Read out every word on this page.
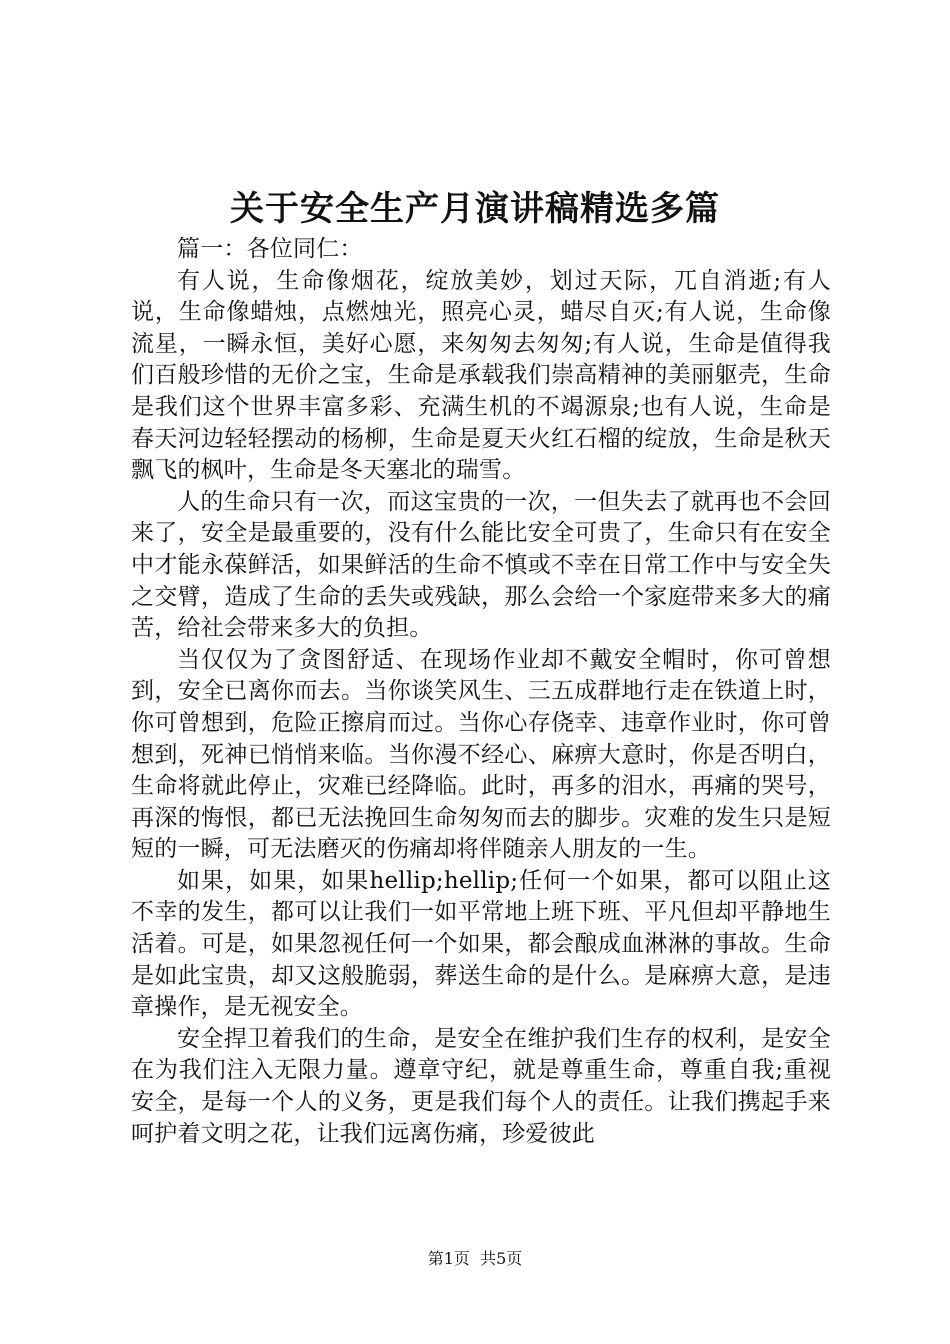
关于安全生产月演讲稿精选多篇

篇一：各位同仁：

有人说，生命像烟花，绽放美妙，划过天际，兀自消逝;有人说，生命像蜡烛，点燃烛光，照亮心灵，蜡尽自灭;有人说，生命像流星，一瞬永恒，美好心愿，来匆匆去匆匆;有人说，生命是值得我们百般珍惜的无价之宝，生命是承载我们崇高精神的美丽躯壳，生命是我们这个世界丰富多彩、充满生机的不竭源泉;也有人说，生命是春天河边轻轻摆动的杨柳，生命是夏天火红石榴的绽放，生命是秋天飘飞的枫叶，生命是冬天塞北的瑞雪。

人的生命只有一次，而这宝贵的一次，一但失去了就再也不会回来了，安全是最重要的，没有什么能比安全可贵了，生命只有在安全中才能永葆鲜活，如果鲜活的生命不慎或不幸在日常工作中与安全失之交臂，造成了生命的丢失或残缺，那么会给一个家庭带来多大的痛苦，给社会带来多大的负担。

当仅仅为了贪图舒适、在现场作业却不戴安全帽时，你可曾想到，安全已离你而去。当你谈笑风生、三五成群地行走在铁道上时，你可曾想到，危险正擦肩而过。当你心存侥幸、违章作业时，你可曾想到，死神已悄悄来临。当你漫不经心、麻痹大意时，你是否明白，生命将就此停止，灾难已经降临。此时，再多的泪水，再痛的哭号，再深的悔恨，都已无法挽回生命匆匆而去的脚步。灾难的发生只是短短的一瞬，可无法磨灭的伤痛却将伴随亲人朋友的一生。

如果，如果，如果hellip;hellip;任何一个如果，都可以阻止这不幸的发生，都可以让我们一如平常地上班下班、平凡但却平静地生活着。可是，如果忽视任何一个如果，都会酿成血淋淋的事故。生命是如此宝贵，却又这般脆弱，葬送生命的是什么。是麻痹大意，是违章操作，是无视安全。

安全捍卫着我们的生命，是安全在维护我们生存的权利，是安全在为我们注入无限力量。遵章守纪，就是尊重生命，尊重自我;重视安全，是每一个人的义务，更是我们每个人的责任。让我们携起手来呵护着文明之花，让我们远离伤痛，珍爱彼此

第1页 共5页
